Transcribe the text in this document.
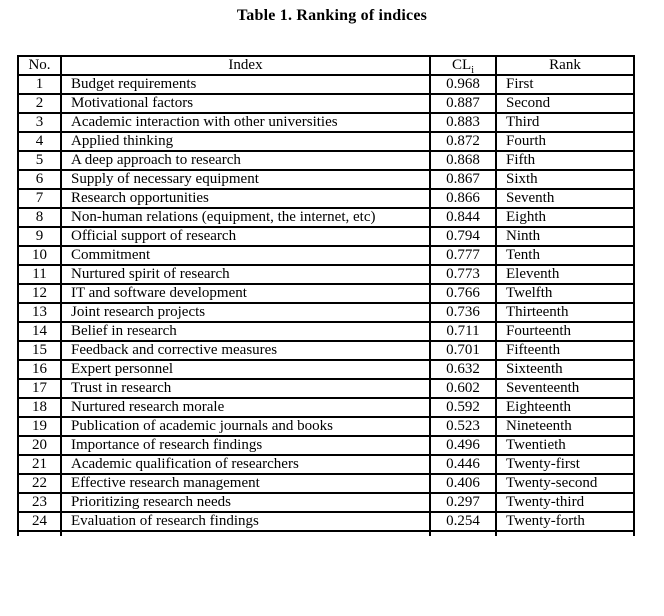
Table 1. Ranking of indices
No.	Index	$CL_i$	Rank
1	Budget requirements	0.968	First
2	Motivational factors	0.887	Second
3	Academic interaction with other universities	0.883	Third
4	Applied thinking	0.872	Fourth
5	A deep approach to research	0.868	Fifth
6	Supply of necessary equipment	0.867	Sixth
7	Research opportunities	0.866	Seventh
8	Non-human relations (equipment, the internet, etc)	0.844	Eighth
9	Official support of research	0.794	Ninth
10	Commitment	0.777	Tenth
11	Nurtured spirit of research	0.773	Eleventh
12	IT and software development	0.766	Twelfth
13	Joint research projects	0.736	Thirteenth
14	Belief in research	0.711	Fourteenth
15	Feedback and corrective measures	0.701	Fifteenth
16	Expert personnel	0.632	Sixteenth
17	Trust in research	0.602	Seventeenth
18	Nurtured research morale	0.592	Eighteenth
19	Publication of academic journals and books	0.523	Nineteenth
20	Importance of research findings	0.496	Twentieth
21	Academic qualification of researchers	0.446	Twenty-first
22	Effective research management	0.406	Twenty-second
23	Prioritizing research needs	0.297	Twenty-third
24	Evaluation of research findings	0.254	Twenty-forth
